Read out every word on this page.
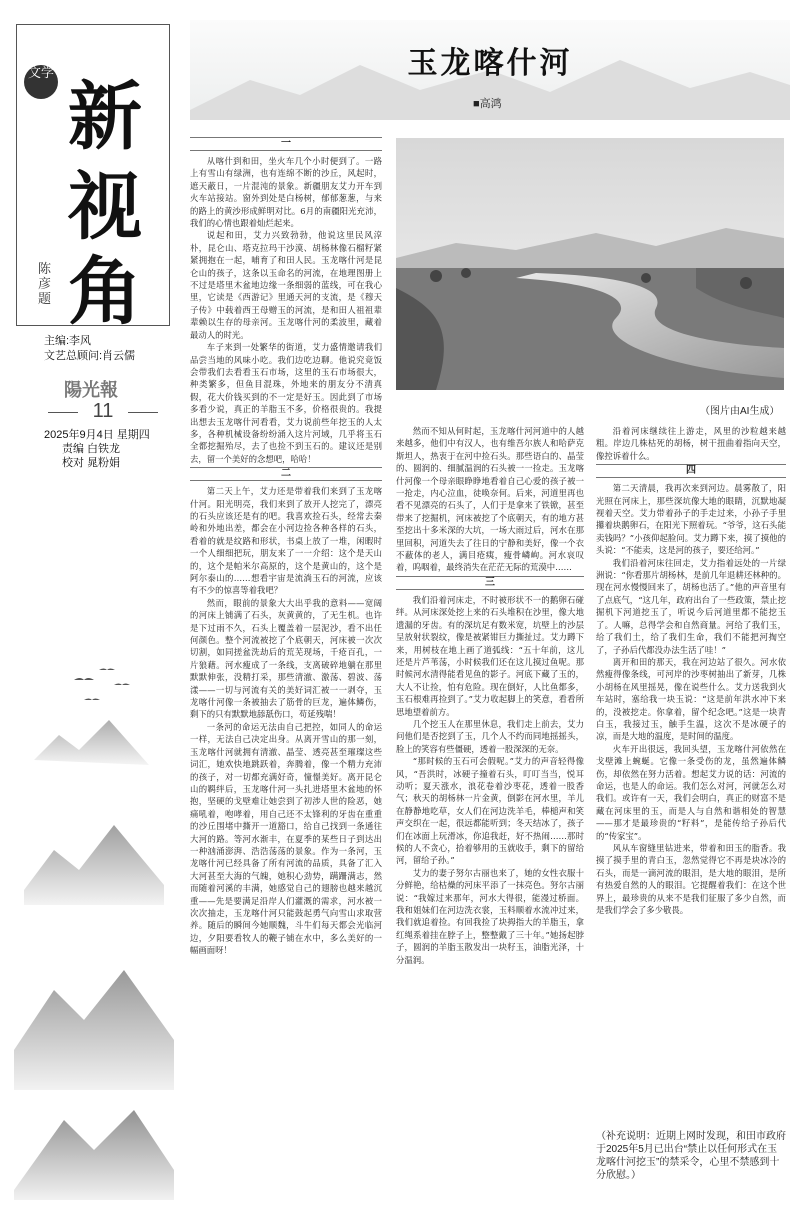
文学
新
视
角
陈彦题
主编:李风
文艺总顾问:肖云儒
陽光報
11
2025年9月4日 星期四
责编 白铁龙
校对 晁粉娟
玉龙喀什河
■高鸿
（图片由AI生成）
一

从喀什到和田，坐火车几个小时便到了。一路上有雪山有绿洲，也有连绵不断的沙丘，风起时，遮天蔽日，一片混沌的景象。新疆朋友艾力开车到火车站接站。窗外到处是白杨树，郁郁葱葱，与来的路上的黄沙形成鲜明对比。6月的南疆阳光充沛，我们的心情也跟着灿烂起来。

说起和田，艾力兴致勃勃，他说这里民风淳朴，昆仑山、塔克拉玛干沙漠、胡杨林像石榴籽紧紧拥抱在一起，哺育了和田人民。玉龙喀什河是昆仑山的孩子，这条以玉命名的河流，在地理图册上不过是塔里木盆地边缘一条细弱的蓝线，可在我心里，它读是《西游记》里通天河的支流，是《穆天子传》中载着西王母赠玉的河流，是和田人祖祖辈辈赖以生存的母亲河。玉龙喀什河的柔波里，藏着最动人的时光。

车子来到一处繁华的街道，艾力盛情邀请我们品尝当地的风味小吃。我们边吃边聊。他说究竟饭会带我们去看看玉石市场，这里的玉石市场很大，种类繁多，但鱼目混珠，外地来的朋友分不清真假，花大价钱买到的不一定是好玉。因此到了市场多看少说，真正的羊脂玉不多，价格很贵的。我提出想去玉龙喀什河看看，艾力说前些年挖玉的人太多，各种机械设备纷纷涌入这片河域，几乎将玉石全都挖掘殆尽，去了也捡不到玉石的。建议还是别去，留一个美好的念想吧，哈哈！

二

第二天上午，艾力还是带着我们来到了玉龙喀什河。阳光明亮，我们来到了放开人挖完了，漂亮的石头应该还是有的吧。我喜欢捡石头，经常去秦岭和外地出差，都会在小河边捡各种各样的石头，看着的就是纹路和形状，书桌上放了一堆，闲暇时一个人细细把玩，朋友来了一一介绍：这个是天山的，这个是帕米尔高原的，这个是黄山的，这个是阿尔泰山的……想看宇宙是流淌玉石的河流，应该有不少的惊喜等着我吧？

然而，眼前的景象大大出乎我的意料——宽阔的河床上铺满了石头，灰黄黄的，了无生机。也许是下过雨不久，石头上覆盖着一层泥沙，看不出任何颜色。整个河流被挖了个底朝天，河床被一次次切割，如同搓盆洗劫后的荒芜现场，千疮百孔，一片狼藉。河水瘦成了一条线，支离破碎地躺在那里默默伸张，没精打采，那些清澈、激荡、碧波、荡漾——一切与河流有关的美好词汇被一一剥夺，玉龙喀什河像一条被抽去了筋骨的巨龙，遍体鳞伤，剩下的只有默默地舔舐伤口，苟延残喘！

一条河的命运无法由自己把控，如同人的命运一样，无法自己决定出身。从离开雪山的那一刻，玉龙喀什河就拥有清澈、晶莹、透亮甚至璀璨这些词汇，她欢快地跳跃着，奔腾着，像一个精力充沛的孩子，对一切都充满好奇，憧憬美好。离开昆仑山的羁绊后，玉龙喀什河一头扎进塔里木盆地的怀抱，坚硬的戈壁难让她尝到了初涉人世的险恶，她痛吼着，咆哮着，用自己还不太锋利的牙齿在重重的沙丘围堵中撕开一道豁口，给自己找到一条通往大河的路。等河水渐丰，在夏季的某些日子到达出一种汹涌澎湃、浩浩荡荡的景象。作为一条河，玉龙喀什河已经具备了所有河流的品质，具备了汇入大河甚至大海的气魄，她积心劲势，蹒跚满志，然而随着河溪的丰满，她感觉自己的翅膀也越来越沉重——先是要满足沿岸人们灌溉的需求，河水被一次次抽走，玉龙喀什河只能鼓起勇气向雪山求取营养。随后的瞬间今她顺魏，斗牛们每天都会光临河边，夕阳要看牧人的鞭子铺在水中，多么美好的一幅画面呀！

然而不知从何时起，玉龙喀什河河道中的人越来越多，他们中有汉人，也有维吾尔族人和哈萨克斯坦人，热衷于在河中捡石头。那些语白的、晶莹的、圆润的、细腻温润的石头被一一捡走。玉龙喀什河像一个母亲眼睁睁地看着自己心爱的孩子被一一抢走，内心泣血，徒唤奈何。后来，河道里再也看不见漂亮的石头了，人们于是拿来了铁锨，甚至带来了挖掘机，河床被挖了个底朝天，有的地方甚至挖出十多米深的大坑，一场大雨过后，河水在那里回积，河道失去了往日的宁静和美好，像一个衣不蔽体的老人，满目疮痍，瘦骨嶙峋。河水哀叹着，呜咽着，最终消失在茫茫无际的荒漠中……

三

我们沿着河床走，不时被形状不一的鹅卵石碰绊。从河床深处挖上来的石头堆积在沙里，像大地遗漏的牙齿。有的深坑足有数米宽，坑壁上的沙层呈放射状裂纹，像是被紧钳巨力撕扯过。艾力蹲下来，用树枝在地上画了道弧线：“五十年前，这儿还是片芦苇荡，小时候我们还在这儿摸过鱼呢。那时候河水清得能看见鱼的影子。河底下藏了玉的，大人不让捡，怕有危险。现在倒好，人比鱼都多，玉石根难再捡到了。”艾力收起脚上的笑意，看看所思地望着前方。

几个挖玉人在那里休息，我们走上前去，艾力问他们是否挖到了玉，几个人不约而同地摇摇头，脸上的笑容有些僵硬，透着一股深深的无奈。

“那时候的玉石可会假呢。”艾力的声音轻得像风，“吾洪时，冰硬子撞着石头，叮叮当当，悦耳动听；夏天涨水，浪花卷着沙枣花，透着一股香气；秋天的胡杨林一片金黄，倒影在河水里，羊儿在静静地吃草，女人们在河边洗羊毛，棒槌声和笑声交织在一起，很远都能听到；冬天结冰了，孩子们在冰面上玩滑冰，你追我赶，好不热闹……那时候的人不贪心，拾着够用的玉就收手，剩下的留给河，留给子孙。”

艾力的妻子努尔古丽也来了，她的女性衣服十分鲜艳，给枯燥的河床平添了一抹亮色。努尔古丽说：“我嫁过来那年，河水大得很，能漫过桥面。我和姐妹们在河边洗衣裳，玉料顺着水流冲过来，我们就追着捡。有回我捡了块拇指大的羊脂玉，拿红绳系着挂在脖子上，整整戴了三十年。”她扬起脖子，圆润的羊脂玉散发出一块籽玉，油脂光泽，十分温润。

沿着河床继续往上游走，风里的沙粒越来越粗。岸边几株枯死的胡杨，树干扭曲着指向天空，像控诉着什么。

四

第二天清晨，我再次来到河边。晨雾散了，阳光照在河床上，那些深坑像大地的眼睛，沉默地凝视着天空。艾力带着孙子的手走过来，小孙子手里攥着块鹅卵石，在阳光下照着玩。“爷爷，这石头能卖钱吗？”小孩仰起脸问。艾力蹲下来，摸了摸他的头说：“不能卖，这是河的孩子，要还给河。”

我们沿着河床往回走，艾力指着远处的一片绿洲说：“你看那片胡杨林，是前几年退耕还林种的。现在河水慢慢回来了，胡杨也活了。”他的声音里有了点底气，“这几年，政府出台了一些政策，禁止挖掘机下河道挖玉了，听说今后河道里都不能挖玉了。人嘛，总得学会和自然商量。河给了我们玉，给了我们土，给了我们生命，我们不能把河掏空了，子孙后代都没办法生活了哇！”

离开和田的那天，我在河边站了很久。河水依然瘦得像条线，可河岸的沙枣树抽出了新芽，几株小胡杨在风里摇晃，像在说些什么。艾力送我到火车站时，塞给我一块玉说：“这是前年洪水冲下来的，没被挖走。你拿着，留个纪念吧。”这是一块青白玉，我接过玉，触手生温，这次不是冰硬子的凉，而是大地的温度，是时间的温度。

火车开出很远，我回头望，玉龙喀什河依然在戈壁滩上蜿蜒。它像一条受伤的龙，虽然遍体鳞伤，却依然在努力活着。想起艾力说的话：河流的命运，也是人的命运。我们怎么对河，河就怎么对我们。或许有一天，我们会明白，真正的财富不是藏在河床里的玉，而是人与自然和谐相处的智慧——那才是最珍贵的“籽料”，是能传给子孙后代的“传家宝”。

风从车窗缝里钻进来，带着和田玉的脂香。我摸了摸手里的青白玉，忽然觉得它不再是块冰冷的石头，而是一滴河流的眼泪，是大地的眼泪，是所有热爱自然的人的眼泪。它提醒着我们：在这个世界上，最珍贵的从来不是我们征服了多少自然，而是我们学会了多少敬畏。

（补充说明：近期上网时发现，和田市政府于2025年5月已出台“禁止以任何形式在玉龙喀什河挖玉”的禁采令，心里不禁感到十分欣慰。）
